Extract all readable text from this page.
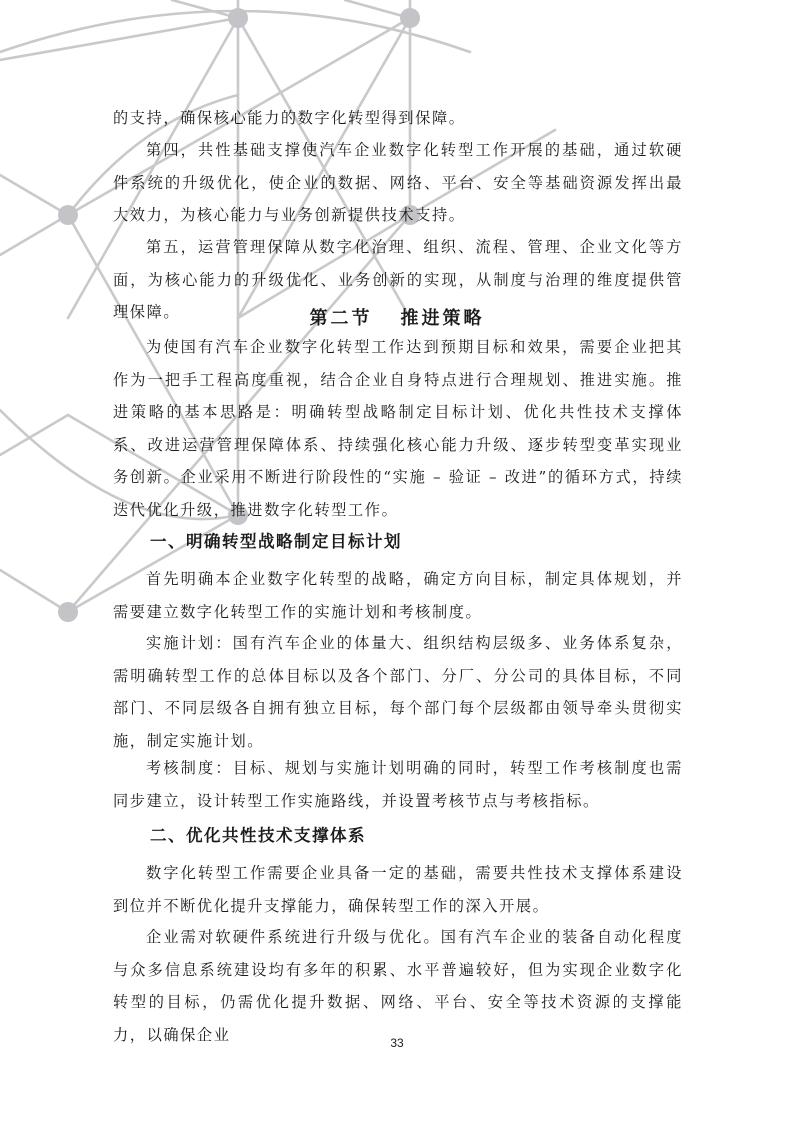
的支持，确保核心能力的数字化转型得到保障。

第四，共性基础支撑使汽车企业数字化转型工作开展的基础，通过软硬件系统的升级优化，使企业的数据、网络、平台、安全等基础资源发挥出最大效力，为核心能力与业务创新提供技术支持。

第五，运营管理保障从数字化治理、组织、流程、管理、企业文化等方面，为核心能力的升级优化、业务创新的实现，从制度与治理的维度提供管理保障。	第二节 推进策略

为使国有汽车企业数字化转型工作达到预期目标和效果，需要企业把其作为一把手工程高度重视，结合企业自身特点进行合理规划、推进实施。推进策略的基本思路是：明确转型战略制定目标计划、优化共性技术支撑体系、改进运营管理保障体系、持续强化核心能力升级、逐步转型变革实现业务创新。企业采用不断进行阶段性的“实施 – 验证 – 改进”的循环方式，持续迭代优化升级，推进数字化转型工作。

一、明确转型战略制定目标计划

首先明确本企业数字化转型的战略，确定方向目标，制定具体规划，并需要建立数字化转型工作的实施计划和考核制度。

实施计划：国有汽车企业的体量大、组织结构层级多、业务体系复杂，需明确转型工作的总体目标以及各个部门、分厂、分公司的具体目标，不同部门、不同层级各自拥有独立目标，每个部门每个层级都由领导牵头贯彻实施，制定实施计划。

考核制度：目标、规划与实施计划明确的同时，转型工作考核制度也需同步建立，设计转型工作实施路线，并设置考核节点与考核指标。

二、优化共性技术支撑体系

数字化转型工作需要企业具备一定的基础，需要共性技术支撑体系建设到位并不断优化提升支撑能力，确保转型工作的深入开展。

企业需对软硬件系统进行升级与优化。国有汽车企业的装备自动化程度与众多信息系统建设均有多年的积累、水平普遍较好，但为实现企业数字化转型的目标，仍需优化提升数据、网络、平台、安全等技术资源的支撑能力，以确保企业	33
